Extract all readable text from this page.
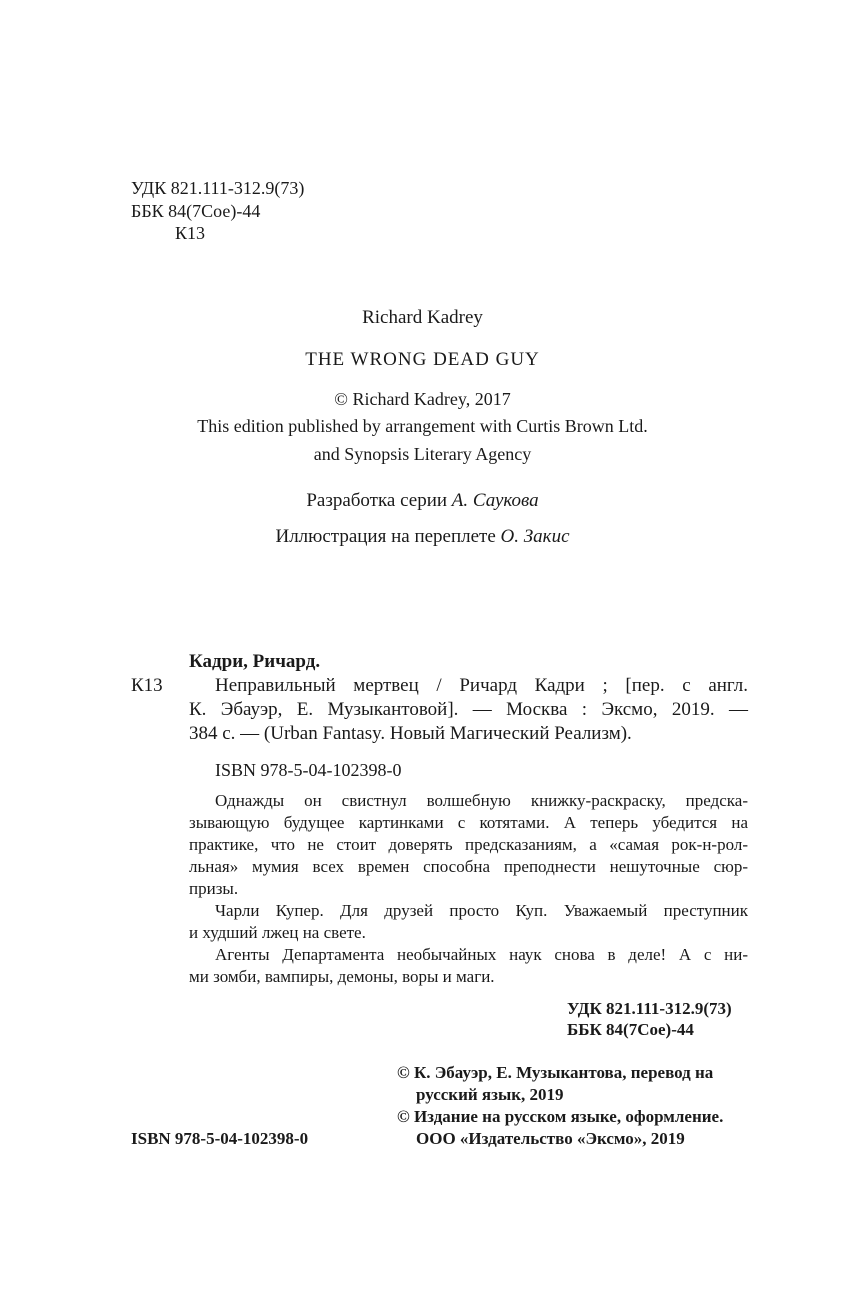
УДК 821.111-312.9(73)
ББК 84(7Сое)-44
К13
Richard Kadrey
THE WRONG DEAD GUY
© Richard Kadrey, 2017
This edition published by arrangement with Curtis Brown Ltd.
and Synopsis Literary Agency
Разработка серии А. Саукова
Иллюстрация на переплете О. Закис
Кадри, Ричард.
К13	Неправильный мертвец / Ричард Кадри ; [пер. с англ.
К. Эбауэр, Е. Музыкантовой]. — Москва : Эксмо, 2019. —
384 с. — (Urban Fantasy. Новый Магический Реализм).
ISBN 978-5-04-102398-0
Однажды он свистнул волшебную книжку-раскраску, предска-
зывающую будущее картинками с котятами. А теперь убедится на
практике, что не стоит доверять предсказаниям, а «самая рок-н-рол-
льная» мумия всех времен способна преподнести нешуточные сюр-
призы.
Чарли Купер. Для друзей просто Куп. Уважаемый преступник
и худший лжец на свете.
Агенты Департамента необычайных наук снова в деле! А с ни-
ми зомби, вампиры, демоны, воры и маги.
УДК 821.111-312.9(73)
ББК 84(7Сое)-44
ISBN 978-5-04-102398-0
© К. Эбауэр, Е. Музыкантова, перевод на
русский язык, 2019
© Издание на русском языке, оформление.
ООО «Издательство «Эксмо», 2019
